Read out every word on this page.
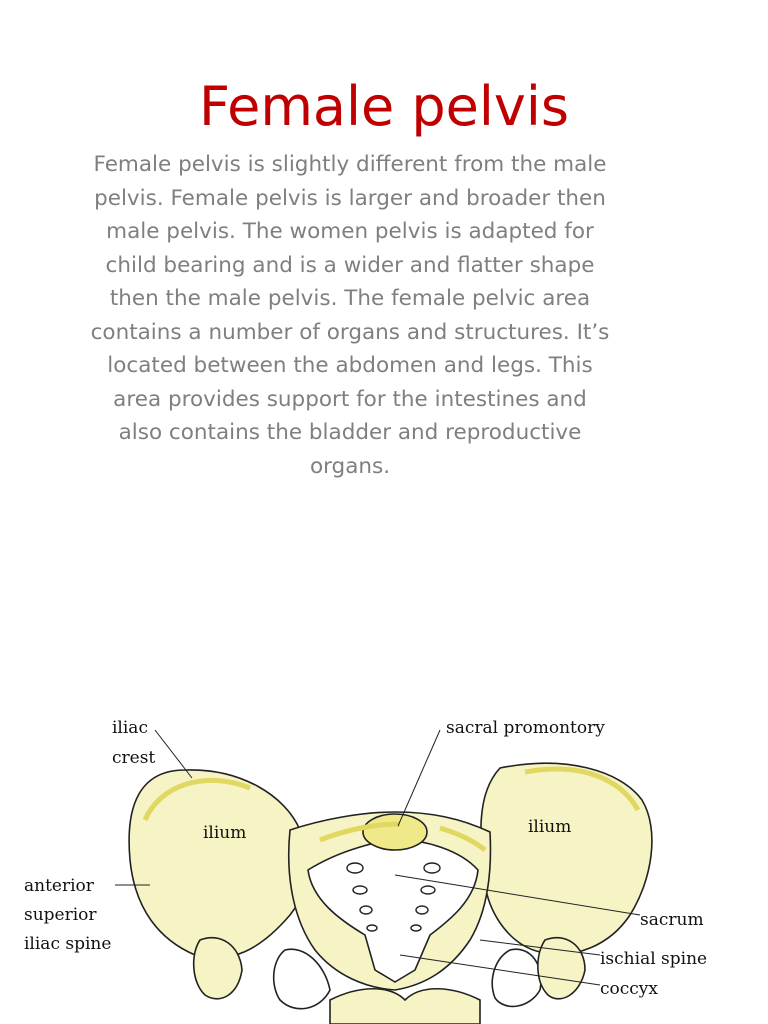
Female pelvis
Female pelvis is slightly different from the male
pelvis. Female pelvis is larger and broader then
male pelvis. The women pelvis is adapted for
child bearing and is a wider and flatter shape
then the male pelvis. The female pelvic area
contains a number of organs and structures. It’s
located between the abdomen and legs. This
area provides support for the intestines and
also contains the bladder and reproductive
organs.
iliac
crest
sacral promontory
ilium	ilium
anterior
superior
iliac spine
sacrum
ischial spine
coccyx
